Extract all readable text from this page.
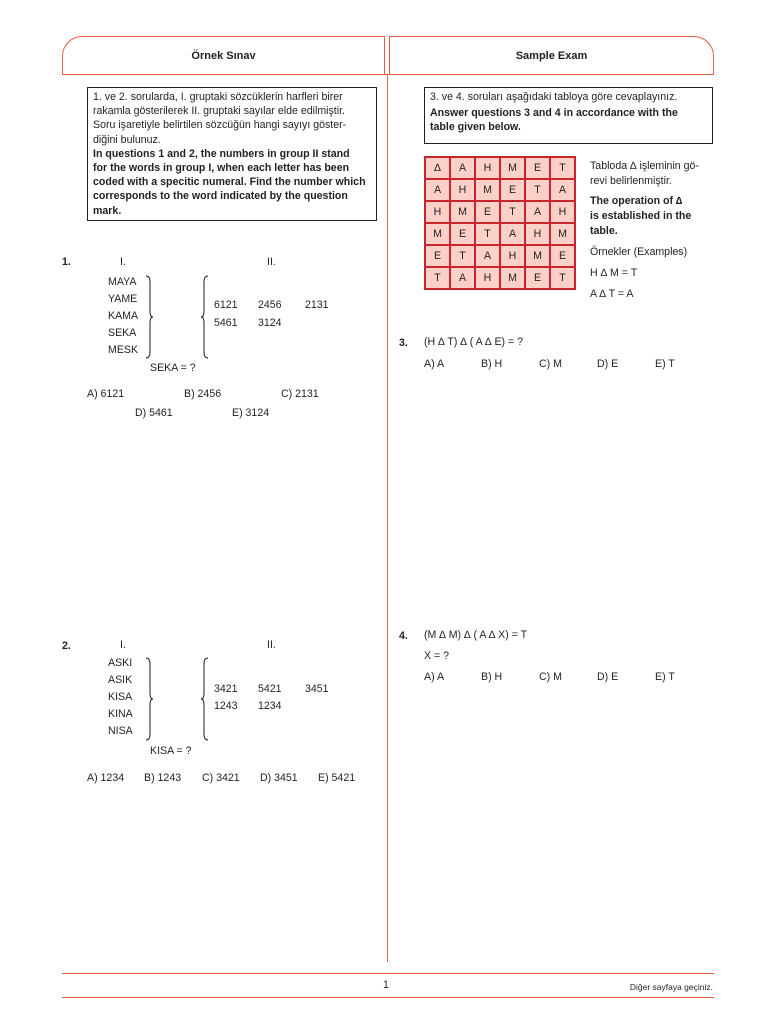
Örnek Sınav	Sample Exam
1. ve 2. sorularda, I. gruptaki sözcüklerin harfleri birer
rakamla gösterilerek II. gruptaki sayılar elde edilmiştir.
Soru işaretiyle belirtilen sözcüğün hangi sayıyı göster-
diğini bulunuz.
In questions 1 and 2, the numbers in group II stand
for the words in group I, when each letter has been
coded with a specitic numeral. Find the number which
corresponds to the word indicated by the question
mark.
1.	I.	II.
MAYA
YAME
KAMA
SEKA
MESK
6121 2456 2131
5461 3124
SEKA = ?
A) 6121	B) 2456	C) 2131
D) 5461	E) 3124
2.	I.	II.
ASKI
ASIK
KISA
KINA
NISA
3421 5421 3451
1243 1234
KISA = ?
A) 1234 B) 1243 C) 3421 D) 3451 E) 5421
3. ve 4. soruları aşağıdaki tabloya göre cevaplayınız.
Answer questions 3 and 4 in accordance with the
table given below.
∆	A	H	M	E	T
A	H	M	E	T	A
H	M	E	T	A	H
M	E	T	A	H	M
E	T	A	H	M	E
T	A	H	M	E	T
Tabloda ∆ işleminin gö-
revi belirlenmiştir.
The operation of ∆
is established in the
table.
Örnekler (Examples)
H ∆ M = T
A ∆ T = A
3. (H ∆ T) ∆ ( A ∆ E) = ?
A) A	B) H	C) M	D) E	E) T
4. (M ∆ M) ∆ ( A ∆ X) = T
X = ?
A) A	B) H	C) M	D) E	E) T
1	Diğer sayfaya geçiniz.
